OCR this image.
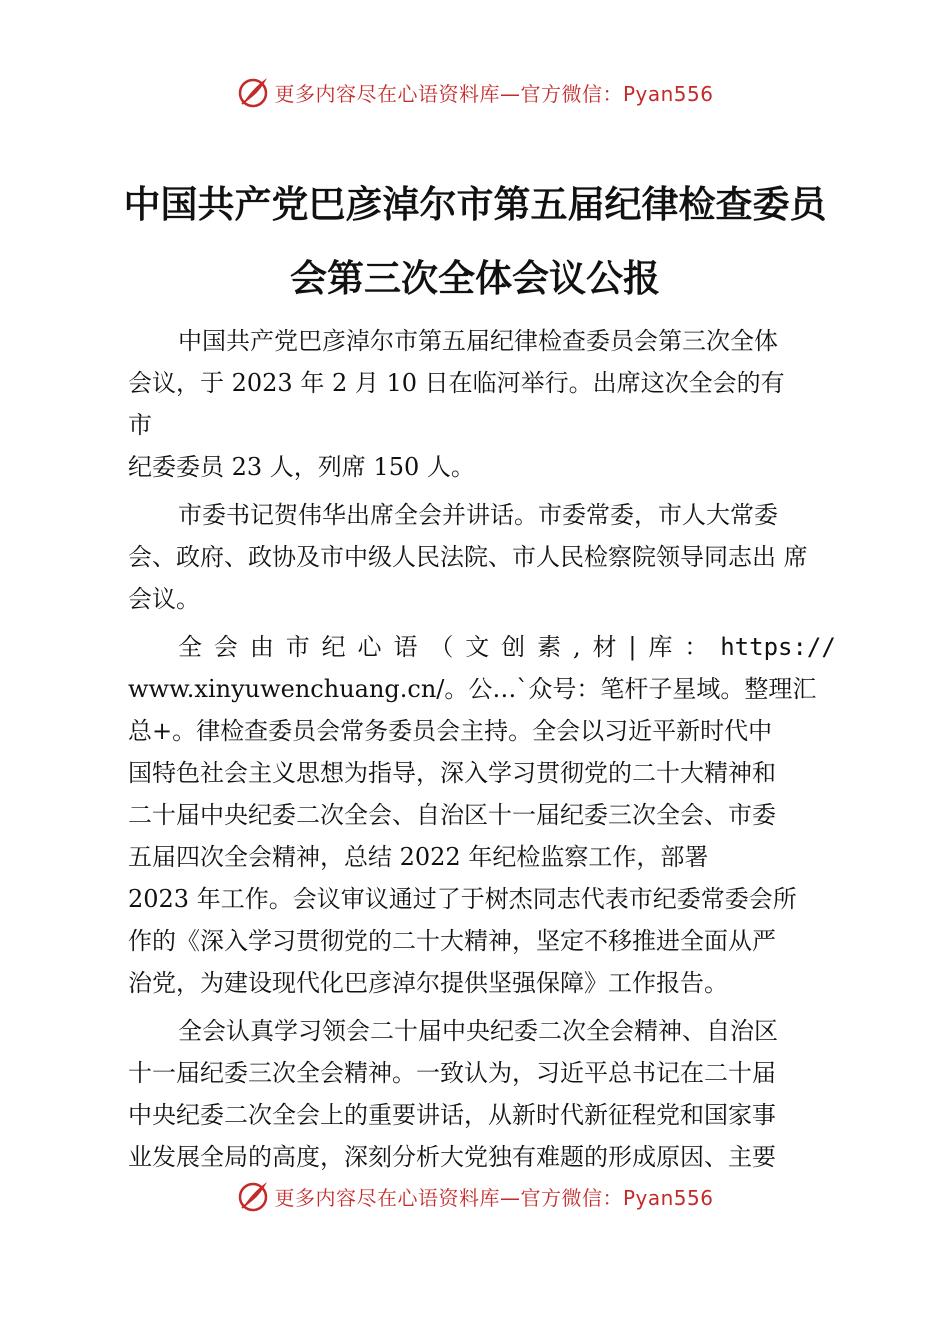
更多内容尽在心语资料库—官方微信：Pyan556
中国共产党巴彦淖尔市第五届纪律检查委员
会第三次全体会议公报
中国共产党巴彦淖尔市第五届纪律检查委员会第三次全体
会议，于 2023 年 2 月 10 日在临河举行。出席这次全会的有
市
纪委委员 23 人，列席 150 人。
市委书记贺伟华出席全会并讲话。市委常委，市人大常委
会、政府、政协及市中级人民法院、市人民检察院领导同志出 席
会议。
全 会 由 市 纪 心 语 （ 文 创 素 , 材 | 库 ： https://
www.xinyuwenchuang.cn/。公…`众号：笔杆子星域。整理汇
总+。律检查委员会常务委员会主持。全会以习近平新时代中
国特色社会主义思想为指导，深入学习贯彻党的二十大精神和
二十届中央纪委二次全会、自治区十一届纪委三次全会、市委
五届四次全会精神，总结 2022 年纪检监察工作，部署
2023 年工作。会议审议通过了于树杰同志代表市纪委常委会所
作的《深入学习贯彻党的二十大精神，坚定不移推进全面从严
治党，为建设现代化巴彦淖尔提供坚强保障》工作报告。
全会认真学习领会二十届中央纪委二次全会精神、自治区
十一届纪委三次全会精神。一致认为，习近平总书记在二十届
中央纪委二次全会上的重要讲话，从新时代新征程党和国家事
业发展全局的高度，深刻分析大党独有难题的形成原因、主要
更多内容尽在心语资料库—官方微信：Pyan556
